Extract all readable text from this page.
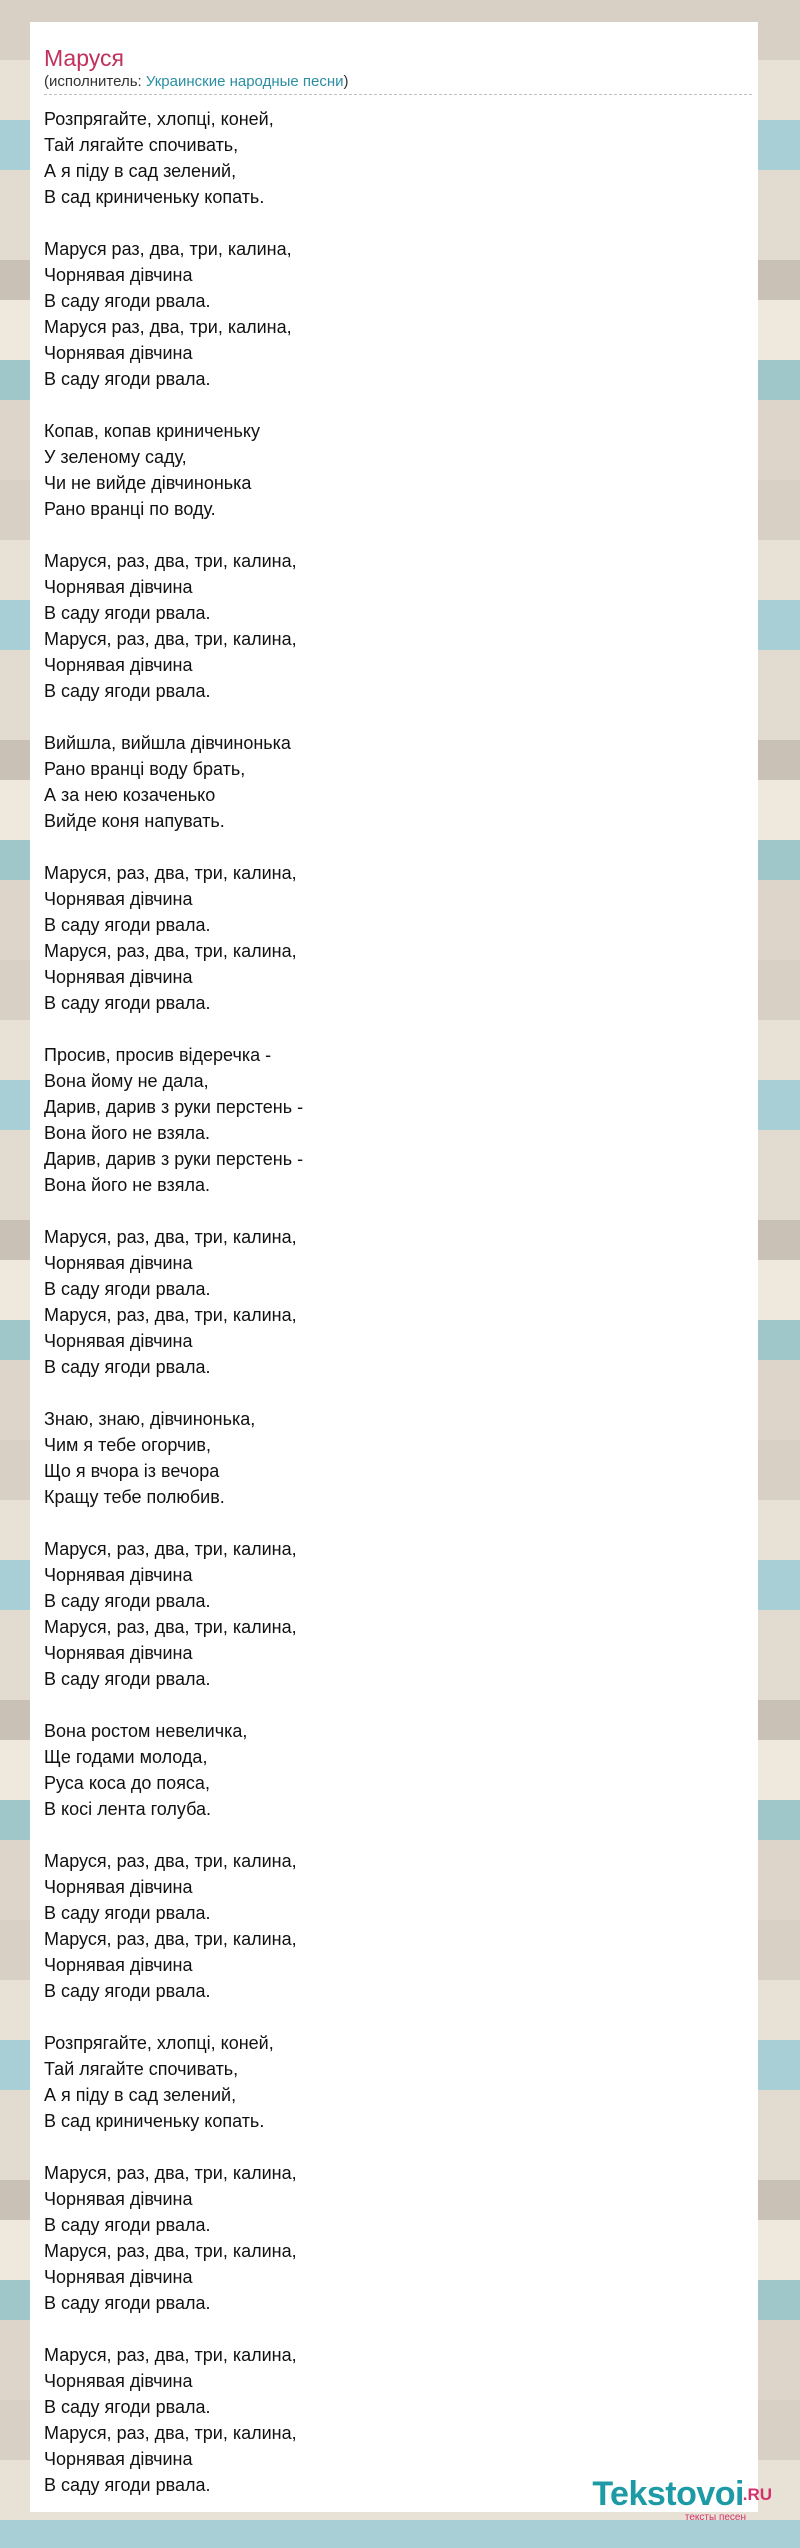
Маруся
(исполнитель: Украинские народные песни)
Розпрягайте, хлопці, коней,
Тай лягайте спочивать,
А я піду в сад зелений,
В сад криниченьку копать.
Маруся раз, два, три, калина,
Чорнявая дівчина
В саду ягоди рвала.
Маруся раз, два, три, калина,
Чорнявая дівчина
В саду ягоди рвала.
Копав, копав криниченьку
У зеленому саду,
Чи не вийде дівчинонька
Рано вранці по воду.
Маруся, раз, два, три, калина,
Чорнявая дівчина
В саду ягоди рвала.
Маруся, раз, два, три, калина,
Чорнявая дівчина
В саду ягоди рвала.
Вийшла, вийшла дівчинонька
Рано вранці воду брать,
А за нею козаченько
Вийде коня напувать.
Маруся, раз, два, три, калина,
Чорнявая дівчина
В саду ягоди рвала.
Маруся, раз, два, три, калина,
Чорнявая дівчина
В саду ягоди рвала.
Просив, просив відеречка -
Вона йому не дала,
Дарив, дарив з руки перстень -
Вона його не взяла.
Дарив, дарив з руки перстень -
Вона його не взяла.
Маруся, раз, два, три, калина,
Чорнявая дівчина
В саду ягоди рвала.
Маруся, раз, два, три, калина,
Чорнявая дівчина
В саду ягоди рвала.
Знаю, знаю, дівчинонька,
Чим я тебе огорчив,
Що я вчора із вечора
Кращу тебе полюбив.
Маруся, раз, два, три, калина,
Чорнявая дівчина
В саду ягоди рвала.
Маруся, раз, два, три, калина,
Чорнявая дівчина
В саду ягоди рвала.
Вона ростом невеличка,
Ще годами молода,
Руса коса до пояса,
В косі лента голуба.
Маруся, раз, два, три, калина,
Чорнявая дівчина
В саду ягоди рвала.
Маруся, раз, два, три, калина,
Чорнявая дівчина
В саду ягоди рвала.
Розпрягайте, хлопці, коней,
Тай лягайте спочивать,
А я піду в сад зелений,
В сад криниченьку копать.
Маруся, раз, два, три, калина,
Чорнявая дівчина
В саду ягоди рвала.
Маруся, раз, два, три, калина,
Чорнявая дівчина
В саду ягоди рвала.
Маруся, раз, два, три, калина,
Чорнявая дівчина
В саду ягоди рвала.
Маруся, раз, два, три, калина,
Чорнявая дівчина
В саду ягоди рвала.	Tekstovoi
.RU
тексты песен
